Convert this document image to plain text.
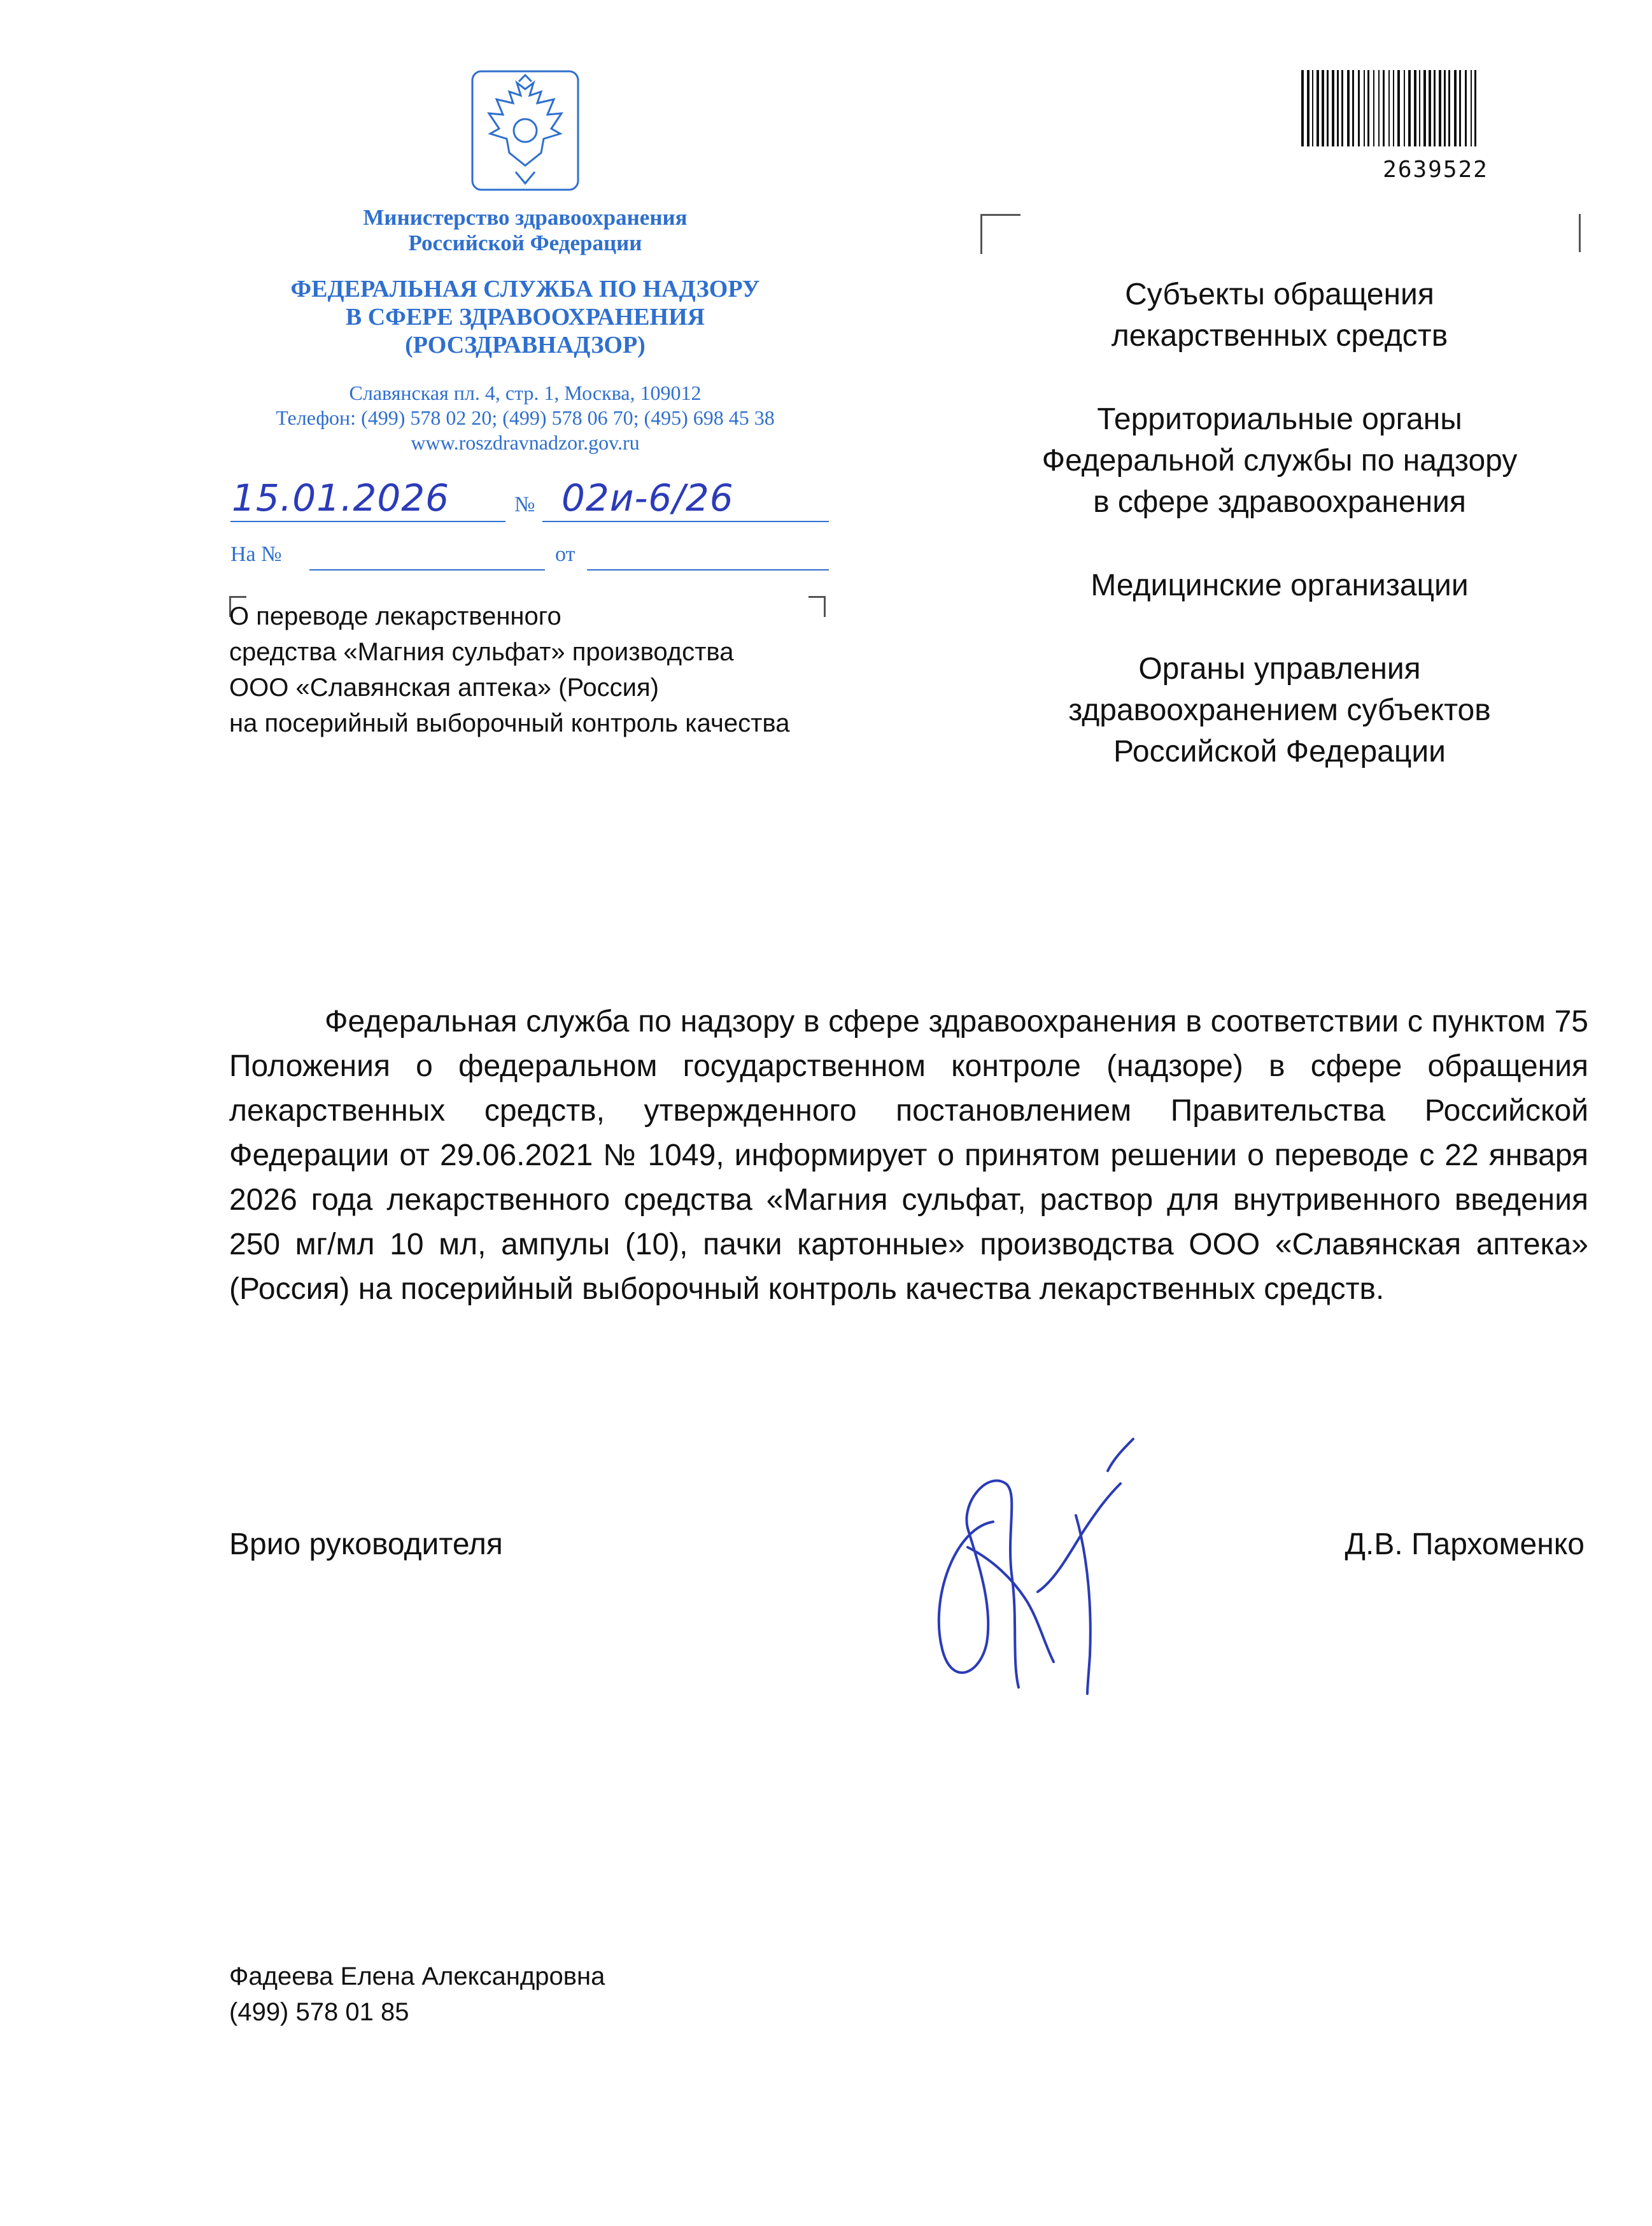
Министерство здравоохранения
Российской Федерации
ФЕДЕРАЛЬНАЯ СЛУЖБА ПО НАДЗОРУ
В СФЕРЕ ЗДРАВООХРАНЕНИЯ
(РОСЗДРАВНАДЗОР)
Славянская пл. 4, стр. 1, Москва, 109012
Телефон: (499) 578 02 20; (499) 578 06 70; (495) 698 45 38
www.roszdravnadzor.gov.ru
15.01.2026	№ 02и-6/26
На №	от
О переводе лекарственного
средства «Магния сульфат» производства
ООО «Славянская аптека» (Россия)
на посерийный выборочный контроль качества
2639522

Субъекты обращения
лекарственных средств

Территориальные органы
Федеральной службы по надзору
в сфере здравоохранения

Медицинские организации

Органы управления
здравоохранением субъектов
Российской Федерации

Федеральная служба по надзору в сфере здравоохранения в соответствии с пунктом 75 Положения о федеральном государственном контроле (надзоре) в сфере обращения лекарственных средств, утвержденного постановлением Правительства Российской Федерации от 29.06.2021 № 1049, информирует о принятом решении о переводе с 22 января 2026 года лекарственного средства «Магния сульфат, раствор для внутривенного введения 250 мг/мл 10 мл, ампулы (10), пачки картонные» производства ООО «Славянская аптека» (Россия) на посерийный выборочный контроль качества лекарственных средств.
Врио руководителя	Д.В. Пархоменко
Фадеева Елена Александровна
(499) 578 01 85
